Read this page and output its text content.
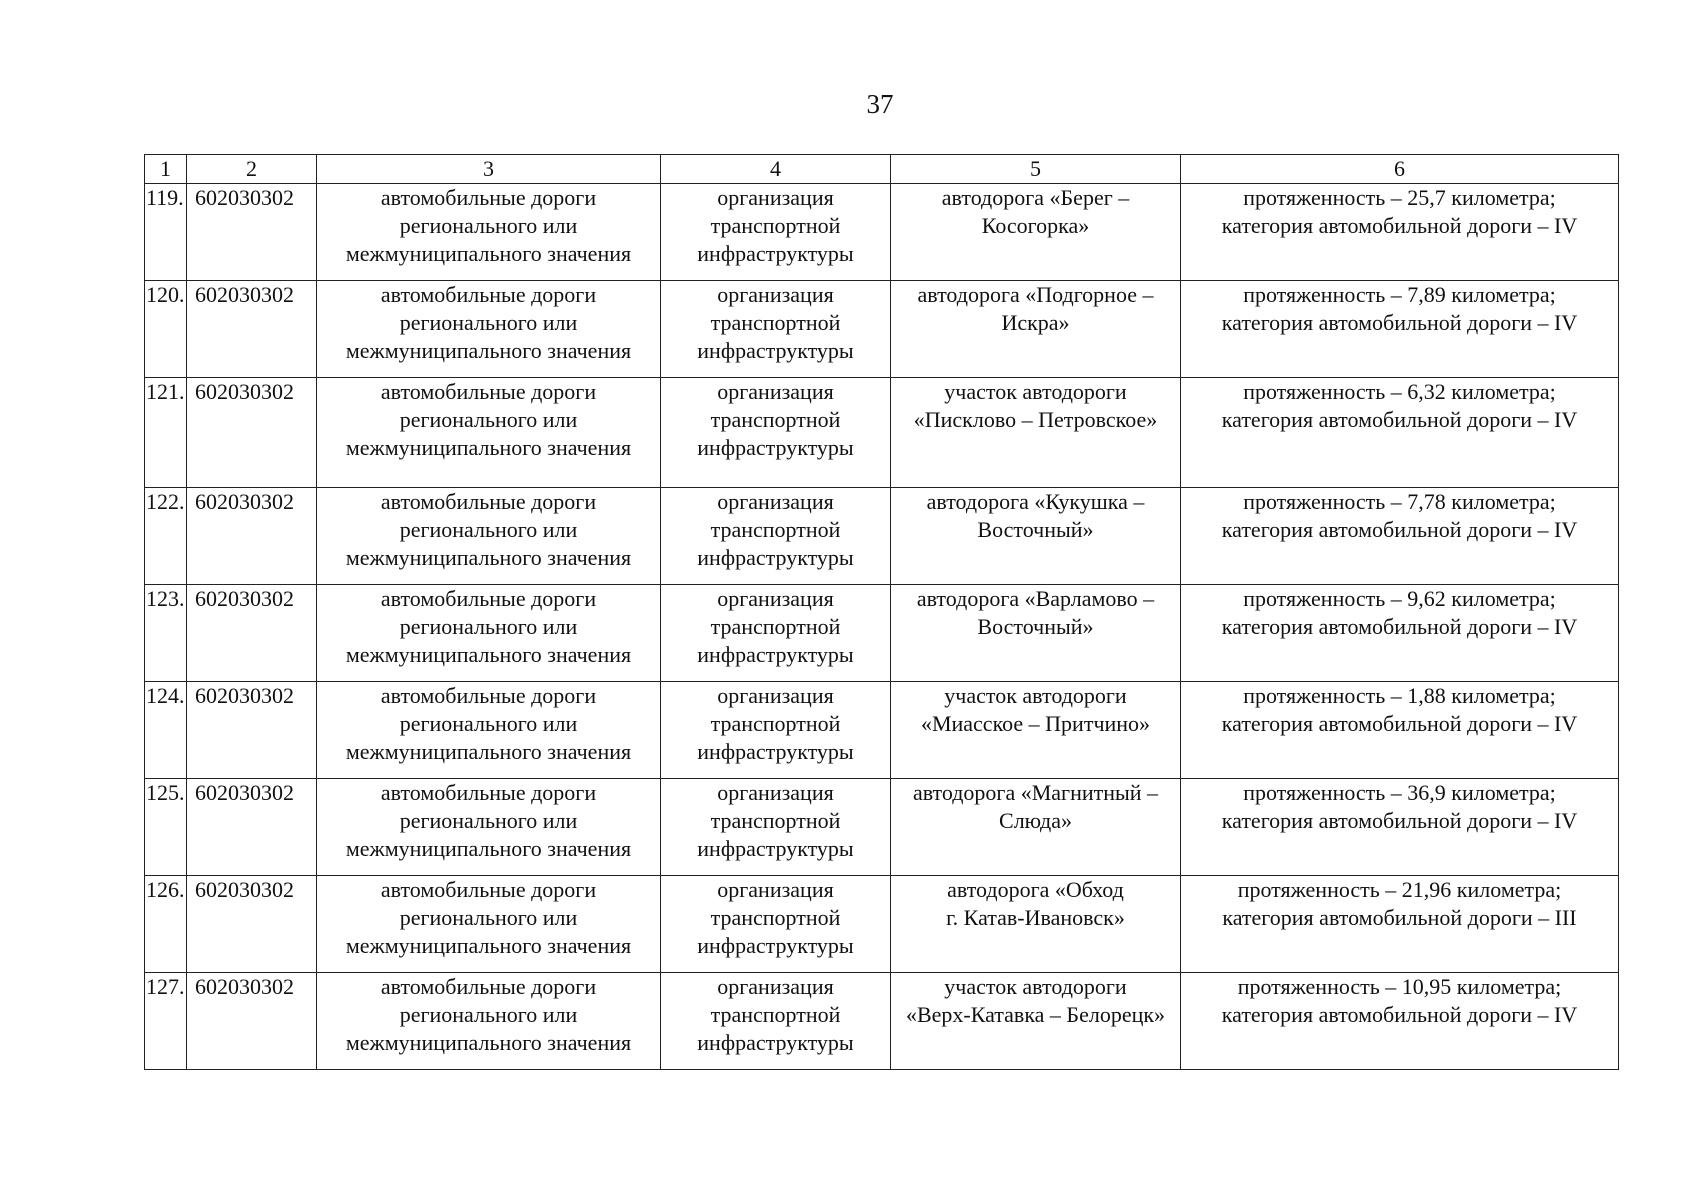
37
1	2	3	4	5	6
119.	602030302	автомобильные дороги
регионального или
межмуниципального значения	организация
транспортной
инфраструктуры	автодорога «Берег –
Косогорка»	протяженность – 25,7 километра;
категория автомобильной дороги – IV

120.	602030302	автомобильные дороги
регионального или
межмуниципального значения	организация
транспортной
инфраструктуры	автодорога «Подгорное –
Искра»	протяженность – 7,89 километра;
категория автомобильной дороги – IV

121.	602030302	автомобильные дороги
регионального или
межмуниципального значения	организация
транспортной
инфраструктуры	участок автодороги
«Писклово – Петровское»	протяженность – 6,32 километра;
категория автомобильной дороги – IV

122.	602030302	автомобильные дороги
регионального или
межмуниципального значения	организация
транспортной
инфраструктуры	автодорога «Кукушка –
Восточный»	протяженность – 7,78 километра;
категория автомобильной дороги – IV

123.	602030302	автомобильные дороги
регионального или
межмуниципального значения	организация
транспортной
инфраструктуры	автодорога «Варламово –
Восточный»	протяженность – 9,62 километра;
категория автомобильной дороги – IV

124.	602030302	автомобильные дороги
регионального или
межмуниципального значения	организация
транспортной
инфраструктуры	участок автодороги
«Миасское – Притчино»	протяженность – 1,88 километра;
категория автомобильной дороги – IV

125.	602030302	автомобильные дороги
регионального или
межмуниципального значения	организация
транспортной
инфраструктуры	автодорога «Магнитный –
Слюда»	протяженность – 36,9 километра;
категория автомобильной дороги – IV

126.	602030302	автомобильные дороги
регионального или
межмуниципального значения	организация
транспортной
инфраструктуры	автодорога «Обход
г. Катав-Ивановск»	протяженность – 21,96 километра;
категория автомобильной дороги – III

127.	602030302	автомобильные дороги
регионального или
межмуниципального значения	организация
транспортной
инфраструктуры	участок автодороги
«Верх-Катавка – Белорецк»	протяженность – 10,95 километра;
категория автомобильной дороги – IV
